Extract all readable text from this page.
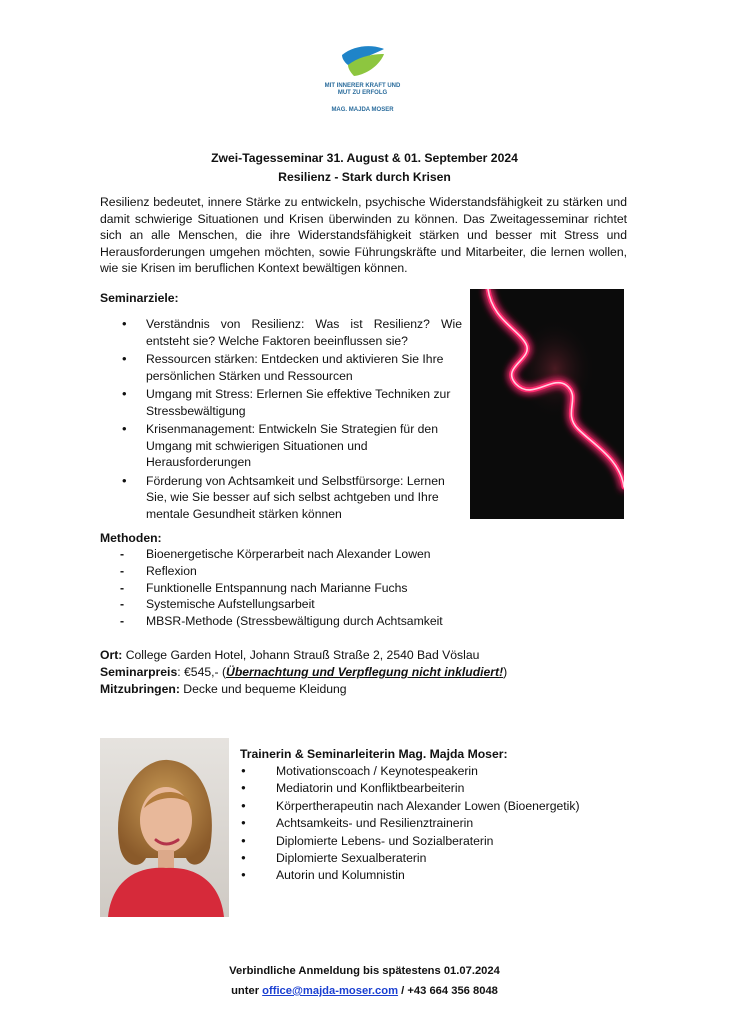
MIT INNERER KRAFT UND
MUT ZU ERFOLG
MAG. MAJDA MOSER
Zwei-Tagesseminar 31. August & 01. September 2024
Resilienz - Stark durch Krisen
Resilienz bedeutet, innere Stärke zu entwickeln, psychische Widerstandsfähigkeit zu stärken und damit schwierige Situationen und Krisen überwinden zu können. Das Zweitagesseminar richtet sich an alle Menschen, die ihre Widerstandsfähigkeit stärken und besser mit Stress und Herausforderungen umgehen möchten, sowie Führungskräfte und Mitarbeiter, die lernen wollen, wie sie Krisen im beruflichen Kontext bewältigen können.
Seminarziele:
• Verständnis von Resilienz: Was ist Resilienz? Wie entsteht sie? Welche Faktoren beeinflussen sie?
• Ressourcen stärken: Entdecken und aktivieren Sie Ihre persönlichen Stärken und Ressourcen
• Umgang mit Stress: Erlernen Sie effektive Techniken zur Stressbewältigung
• Krisenmanagement: Entwickeln Sie Strategien für den Umgang mit schwierigen Situationen und Herausforderungen
• Förderung von Achtsamkeit und Selbstfürsorge: Lernen Sie, wie Sie besser auf sich selbst achtgeben und Ihre mentale Gesundheit stärken können
Methoden:
- Bioenergetische Körperarbeit nach Alexander Lowen
- Reflexion
- Funktionelle Entspannung nach Marianne Fuchs
- Systemische Aufstellungsarbeit
- MBSR-Methode (Stressbewältigung durch Achtsamkeit
Ort: College Garden Hotel, Johann Strauß Straße 2, 2540 Bad Vöslau
Seminarpreis: €545,- (Übernachtung und Verpflegung nicht inkludiert!)
Mitzubringen: Decke und bequeme Kleidung
Trainerin & Seminarleiterin Mag. Majda Moser:
● Motivationscoach / Keynotespeakerin
● Mediatorin und Konfliktbearbeiterin
● Körpertherapeutin nach Alexander Lowen (Bioenergetik)
● Achtsamkeits- und Resilienztrainerin
● Diplomierte Lebens- und Sozialberaterin
● Diplomierte Sexualberaterin
● Autorin und Kolumnistin
Verbindliche Anmeldung bis spätestens 01.07.2024
unter office@majda-moser.com / +43 664 356 8048
